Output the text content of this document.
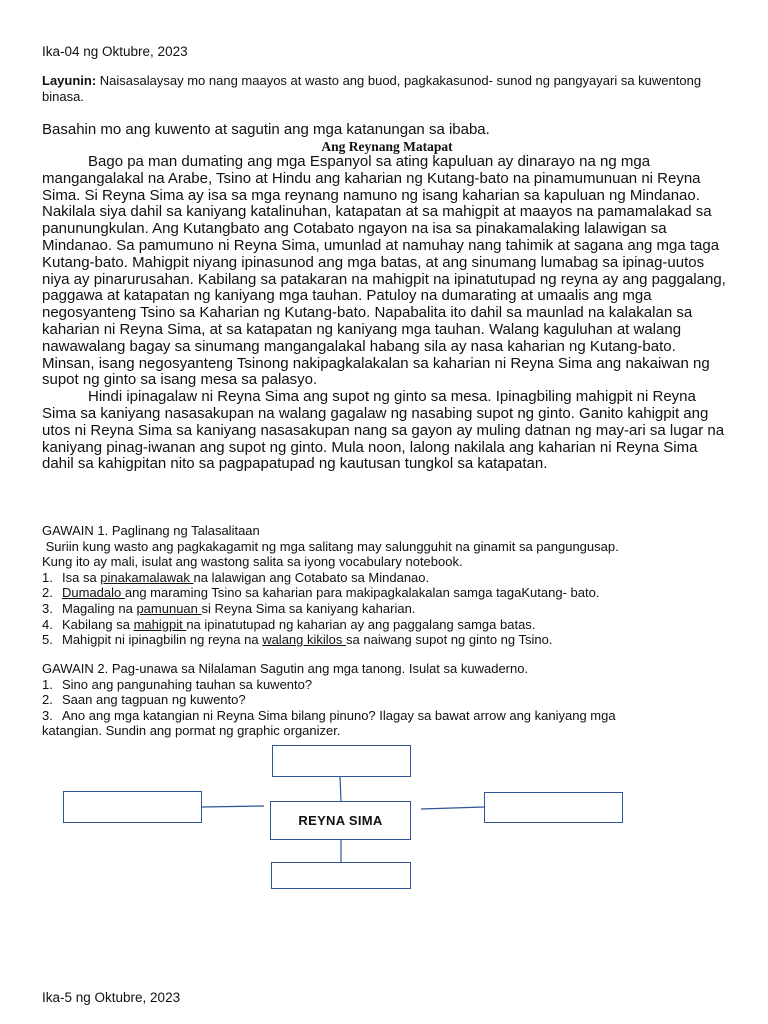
Ika-04 ng Oktubre, 2023
Layunin: Naisasalaysay mo nang maayos at wasto ang buod, pagkakasunod- sunod ng pangyayari sa kuwentong binasa.
Basahin mo ang kuwento at sagutin ang mga katanungan sa ibaba.
Ang Reynang Matapat

Bago pa man dumating ang mga Espanyol sa ating kapuluan ay dinarayo na ng mga mangangalakal na Arabe, Tsino at Hindu ang kaharian ng Kutang-bato na pinamumunuan ni Reyna Sima. Si Reyna Sima ay isa sa mga reynang namuno ng isang kaharian sa kapuluan ng Mindanao. Nakilala siya dahil sa kaniyang katalinuhan, katapatan at sa mahigpit at maayos na pamamalakad sa panunungkulan. Ang Kutangbato ang Cotabato ngayon na isa sa pinakamalaking lalawigan sa Mindanao. Sa pamumuno ni Reyna Sima, umunlad at namuhay nang tahimik at sagana ang mga taga Kutang-bato. Mahigpit niyang ipinasunod ang mga batas, at ang sinumang lumabag sa ipinag-uutos niya ay pinarurusahan. Kabilang sa patakaran na mahigpit na ipinatutupad ng reyna ay ang paggalang, paggawa at katapatan ng kaniyang mga tauhan. Patuloy na dumarating at umaalis ang mga negosyanteng Tsino sa Kaharian ng Kutang-bato. Napabalita ito dahil sa maunlad na kalakalan sa kaharian ni Reyna Sima, at sa katapatan ng kaniyang mga tauhan. Walang kaguluhan at walang nawawalang bagay sa sinumang mangangalakal habang sila ay nasa kaharian ng Kutang-bato. Minsan, isang negosyanteng Tsinong nakipagkalakalan sa kaharian ni Reyna Sima ang nakaiwan ng supot ng ginto sa isang mesa sa palasyo.

Hindi ipinagalaw ni Reyna Sima ang supot ng ginto sa mesa. Ipinagbiling mahigpit ni Reyna Sima sa kaniyang nasasakupan na walang gagalaw ng nasabing supot ng ginto. Ganito kahigpit ang utos ni Reyna Sima sa kaniyang nasasakupan nang sa gayon ay muling datnan ng may-ari sa lugar na kaniyang pinag-iwanan ang supot ng ginto. Mula noon, lalong nakilala ang kaharian ni Reyna Sima dahil sa kahigpitan nito sa pagpapatupad ng kautusan tungkol sa katapatan.

GAWAIN 1. Paglinang ng Talasalitaan
Suriin kung wasto ang pagkakagamit ng mga salitang may salungguhit na ginamit sa pangungusap.
Kung ito ay mali, isulat ang wastong salita sa iyong vocabulary notebook.
1. Isa sa pinakamalawak na lalawigan ang Cotabato sa Mindanao.
2. Dumadalo ang maraming Tsino sa kaharian para makipagkalakalan samga tagaKutang- bato.
3. Magaling na pamunuan si Reyna Sima sa kaniyang kaharian.
4. Kabilang sa mahigpit na ipinatutupad ng kaharian ay ang paggalang samga batas.
5. Mahigpit ni ipinagbilin ng reyna na walang kikilos sa naiwang supot ng ginto ng Tsino.
GAWAIN 2. Pag-unawa sa Nilalaman Sagutin ang mga tanong. Isulat sa kuwaderno.
1. Sino ang pangunahing tauhan sa kuwento?
2. Saan ang tagpuan ng kuwento?
3. Ano ang mga katangian ni Reyna Sima bilang pinuno? Ilagay sa bawat arrow ang kaniyang mga
katangian. Sundin ang pormat ng graphic organizer.
Ika-5 ng Oktubre, 2023
REYNA SIMA
